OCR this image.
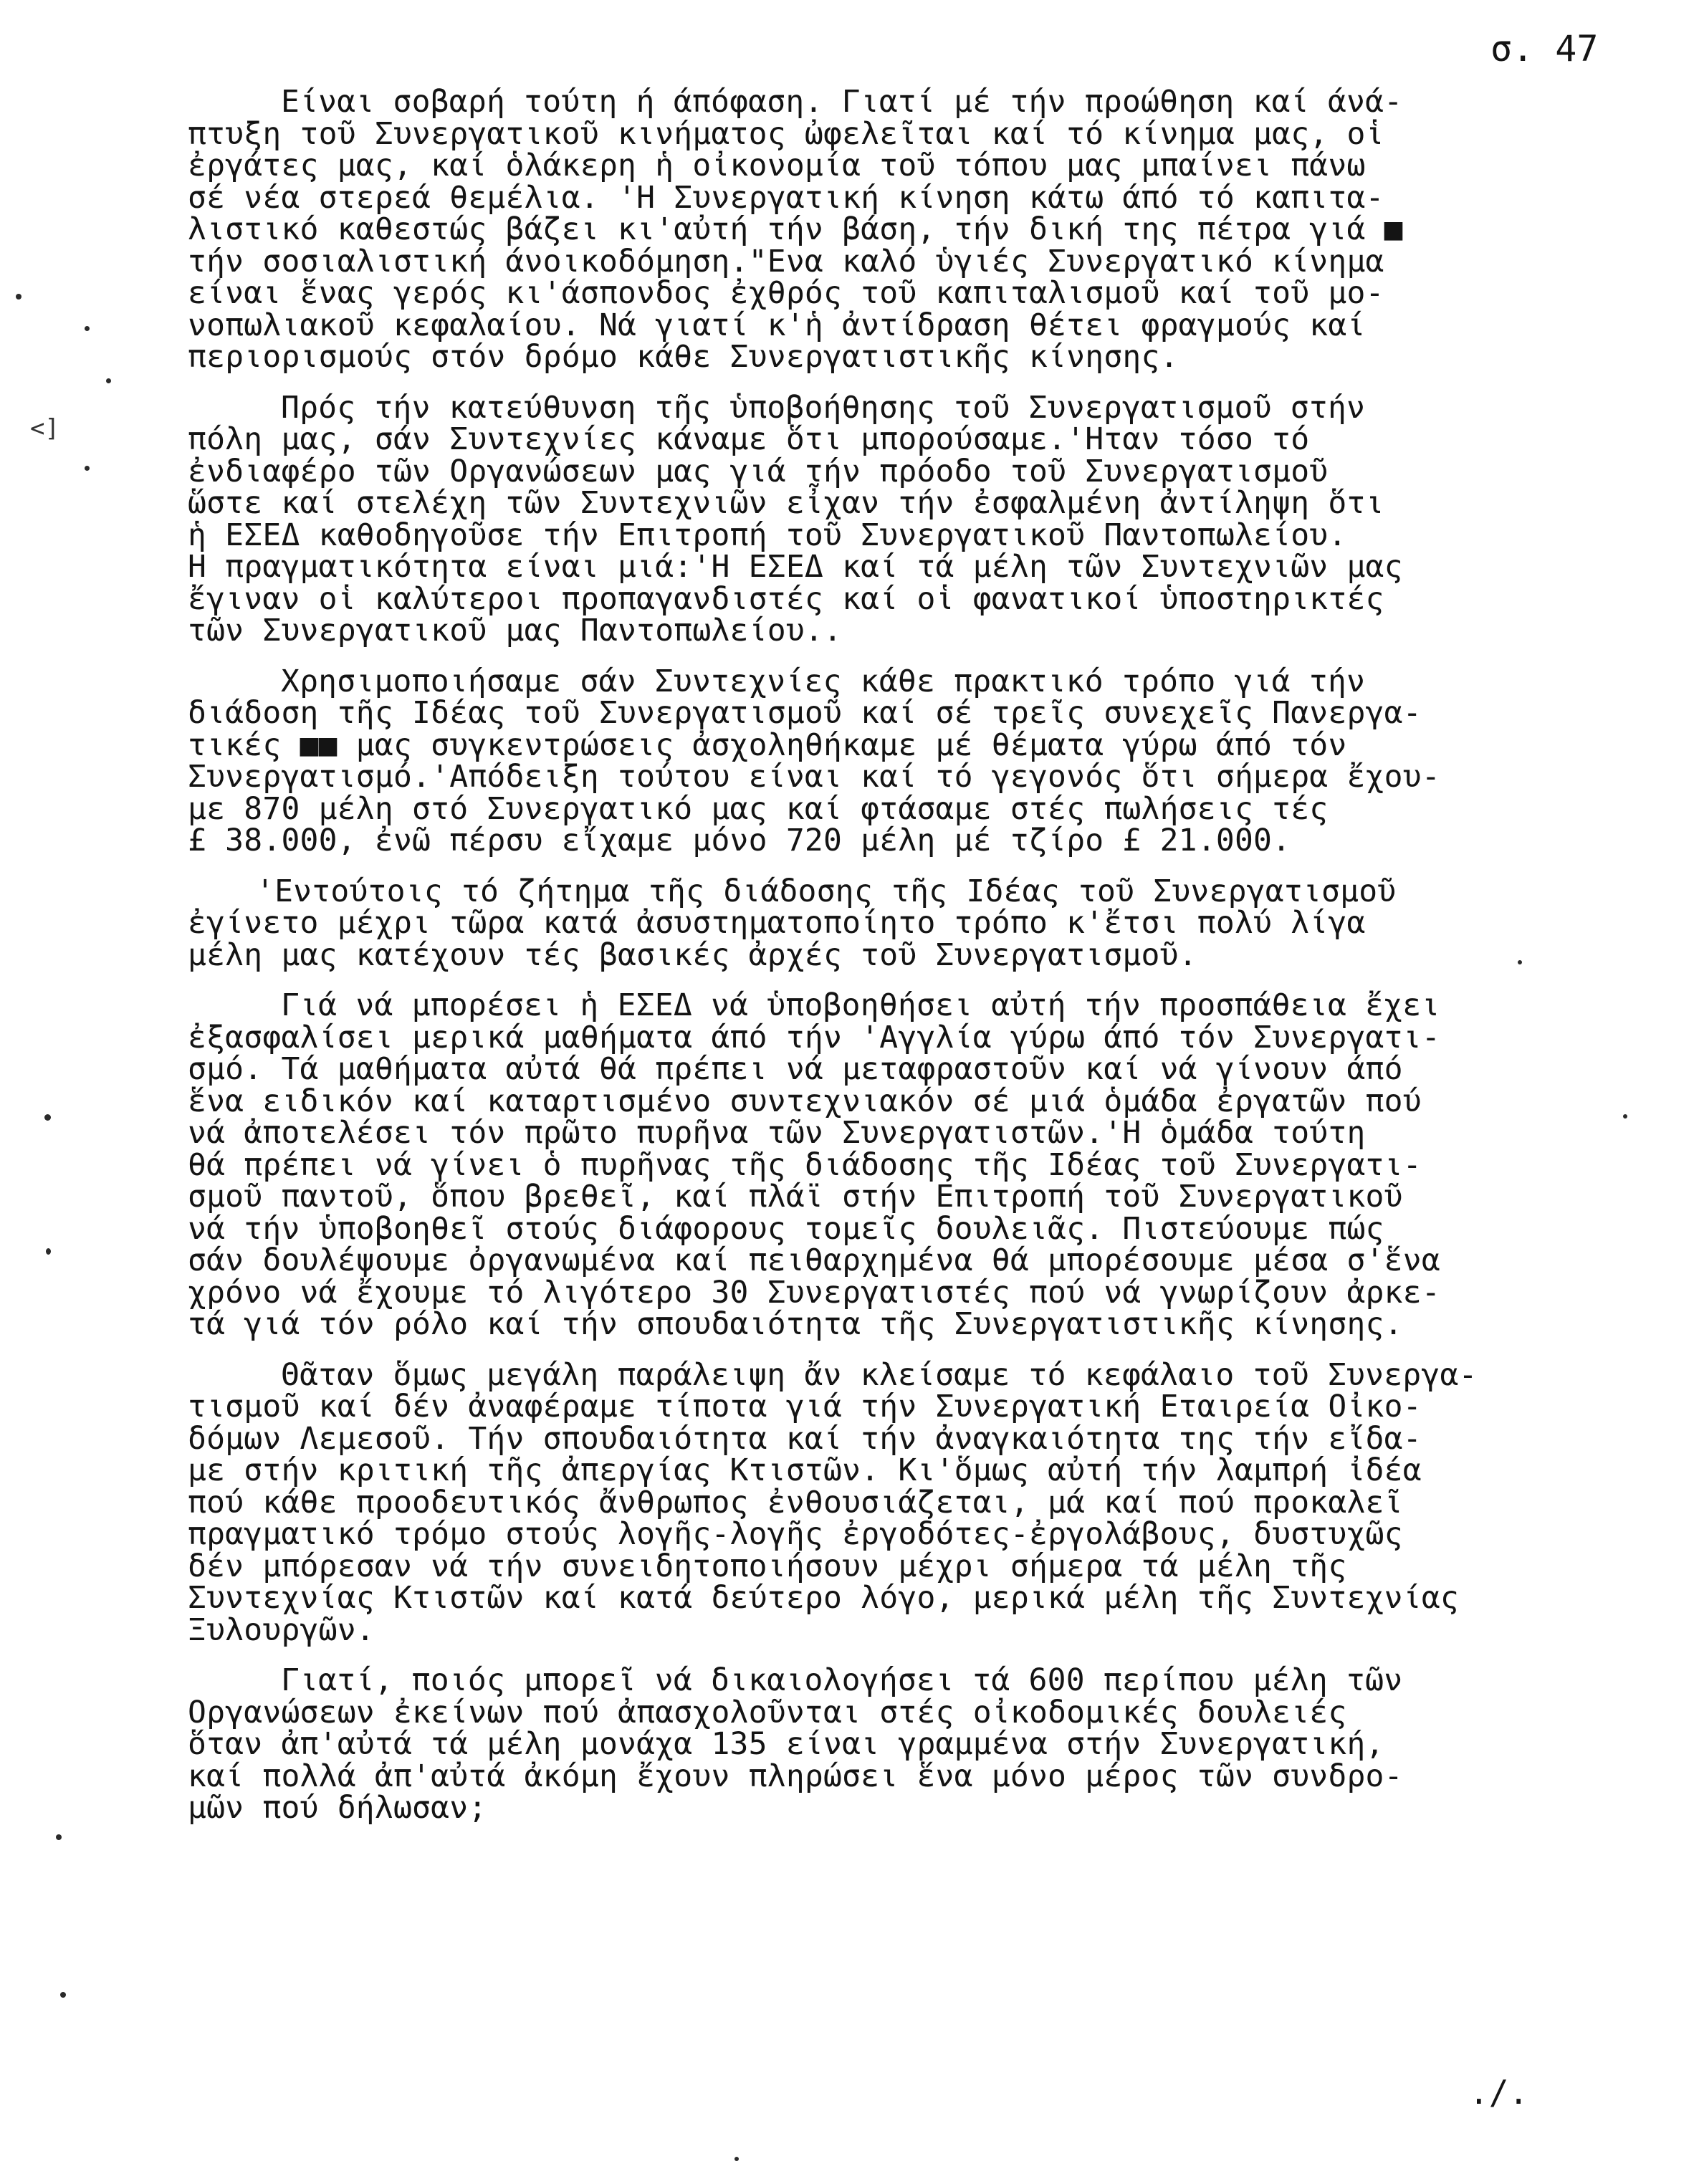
σ. 47
<]
Είναι σοβαρή τούτη ή άπόφαση. Γιατί μέ τήν προώθηση καί άνά-
πτυξη τοῦ Συνεργατικοῦ κινήματος ὠφελεῖται καί τό κίνημα μας, οἱ
ἐργάτες μας, καί ὁλάκερη ἡ οἰκονομία τοῦ τόπου μας μπαίνει πάνω
σέ νέα στερεά θεμέλια. 'Η Συνεργατική κίνηση κάτω άπό τό καπιτα-
λιστικό καθεστώς βάζει κι'αὐτή τήν βάση, τήν δική της πέτρα γιά ■
τήν σοσιαλιστική άνοικοδόμηση."Ενα καλό ὑγιές Συνεργατικό κίνημα
είναι ἕνας γερός κι'άσπονδος ἐχθρός τοῦ καπιταλισμοῦ καί τοῦ μο-
νοπωλιακοῦ κεφαλαίου. Νά γιατί κ'ἡ ἀντίδραση θέτει φραγμούς καί
περιορισμούς στόν δρόμο κάθε Συνεργατιστικῆς κίνησης.
Πρός τήν κατεύθυνση τῆς ὑποβοήθησης τοῦ Συνεργατισμοῦ στήν
πόλη μας, σάν Συντεχνίες κάναμε ὅτι μπορούσαμε.'Ηταν τόσο τό
ἐνδιαφέρο τῶν Οργανώσεων μας γιά τήν πρόοδο τοῦ Συνεργατισμοῦ
ὥστε καί στελέχη τῶν Συντεχνιῶν εἶχαν τήν ἐσφαλμένη ἀντίληψη ὅτι
ἡ ΕΣΕΔ καθοδηγοῦσε τήν Επιτροπή τοῦ Συνεργατικοῦ Παντοπωλείου.
Η πραγματικότητα είναι μιά:'Η ΕΣΕΔ καί τά μέλη τῶν Συντεχνιῶν μας
ἔγιναν οἱ καλύτεροι προπαγανδιστές καί οἱ φανατικοί ὑποστηρικτές
τῶν Συνεργατικοῦ μας Παντοπωλείου..
Χρησιμοποιήσαμε σάν Συντεχνίες κάθε πρακτικό τρόπο γιά τήν
διάδοση τῆς Ιδέας τοῦ Συνεργατισμοῦ καί σέ τρεῖς συνεχεῖς Πανεργα-
τικές ■■ μας συγκεντρώσεις ἀσχοληθήκαμε μέ θέματα γύρω άπό τόν
Συνεργατισμό.'Απόδειξη τούτου είναι καί τό γεγονός ὅτι σήμερα ἔχου-
με 870 μέλη στό Συνεργατικό μας καί φτάσαμε στές πωλήσεις τές
£ 38.000, ἐνῶ πέρσυ εἴχαμε μόνο 720 μέλη μέ τζίρο £ 21.000.
'Εντούτοις τό ζήτημα τῆς διάδοσης τῆς Ιδέας τοῦ Συνεργατισμοῦ
ἐγίνετο μέχρι τῶρα κατά ἀσυστηματοποίητο τρόπο κ'ἔτσι πολύ λίγα
μέλη μας κατέχουν τές βασικές ἀρχές τοῦ Συνεργατισμοῦ.
Γιά νά μπορέσει ἡ ΕΣΕΔ νά ὑποβοηθήσει αὐτή τήν προσπάθεια ἔχει
ἐξασφαλίσει μερικά μαθήματα άπό τήν 'Αγγλία γύρω άπό τόν Συνεργατι-
σμό. Τά μαθήματα αὐτά θά πρέπει νά μεταφραστοῦν καί νά γίνουν άπό
ἕνα ειδικόν καί καταρτισμένο συντεχνιακόν σέ μιά ὁμάδα ἐργατῶν πού
νά ἀποτελέσει τόν πρῶτο πυρῆνα τῶν Συνεργατιστῶν.'Η ὁμάδα τούτη
θά πρέπει νά γίνει ὁ πυρῆνας τῆς διάδοσης τῆς Ιδέας τοῦ Συνεργατι-
σμοῦ παντοῦ, ὅπου βρεθεῖ, καί πλάϊ στήν Επιτροπή τοῦ Συνεργατικοῦ
νά τήν ὑποβοηθεῖ στούς διάφορους τομεῖς δουλειᾶς. Πιστεύουμε πώς
σάν δουλέψουμε ὀργανωμένα καί πειθαρχημένα θά μπορέσουμε μέσα σ'ἕνα
χρόνο νά ἔχουμε τό λιγότερο 30 Συνεργατιστές πού νά γνωρίζουν ἀρκε-
τά γιά τόν ρόλο καί τήν σπουδαιότητα τῆς Συνεργατιστικῆς κίνησης.
Θᾶταν ὅμως μεγάλη παράλειψη ἄν κλείσαμε τό κεφάλαιο τοῦ Συνεργα-
τισμοῦ καί δέν ἀναφέραμε τίποτα γιά τήν Συνεργατική Εταιρεία Οἰκο-
δόμων Λεμεσοῦ. Τήν σπουδαιότητα καί τήν ἀναγκαιότητα της τήν εἴδα-
με στήν κριτική τῆς ἀπεργίας Κτιστῶν. Κι'ὅμως αὐτή τήν λαμπρή ἰδέα
πού κάθε προοδευτικός ἄνθρωπος ἐνθουσιάζεται, μά καί πού προκαλεῖ
πραγματικό τρόμο στούς λογῆς-λογῆς ἐργοδότες-ἐργολάβους, δυστυχῶς
δέν μπόρεσαν νά τήν συνειδητοποιήσουν μέχρι σήμερα τά μέλη τῆς
Συντεχνίας Κτιστῶν καί κατά δεύτερο λόγο, μερικά μέλη τῆς Συντεχνίας
Ξυλουργῶν.
Γιατί, ποιός μπορεῖ νά δικαιολογήσει τά 600 περίπου μέλη τῶν
Οργανώσεων ἐκείνων πού ἀπασχολοῦνται στές οἰκοδομικές δουλειές
ὅταν ἀπ'αὐτά τά μέλη μονάχα 135 είναι γραμμένα στήν Συνεργατική,
καί πολλά ἀπ'αὐτά ἀκόμη ἔχουν πληρώσει ἕνα μόνο μέρος τῶν συνδρο-
μῶν πού δήλωσαν;
./.
